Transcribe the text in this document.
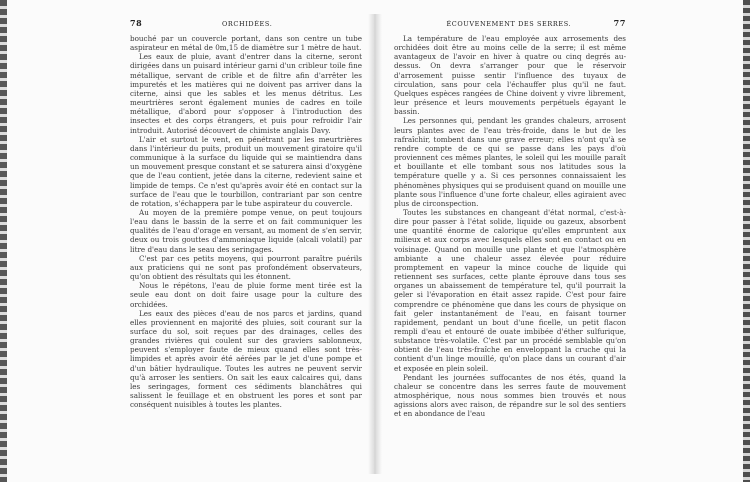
78	ORCHIDÉES.

bouché par un couvercle portant, dans son centre un tube aspirateur en métal de 0m,15 de diamètre sur 1 mètre de haut.

Les eaux de pluie, avant d'entrer dans la citerne, seront dirigées dans un puisard intérieur garni d'un cribleur toile fine métallique, servant de crible et de filtre afin d'arrêter les impuretés et les matières qui ne doivent pas arriver dans la citerne, ainsi que les sables et les menus détritus. Les meurtrières seront également munies de cadres en toile métallique, d'abord pour s'opposer à l'introduction des insectes et des corps étrangers, et puis pour refroidir l'air introduit. Autorisé découvert de chimiste anglais Davy.

L'air et surtout le vent, en pénétrant par les meurtrières dans l'intérieur du puits, produit un mouvement giratoire qu'il communique à la surface du liquide qui se maintiendra dans un mouvement presque constant et se saturera ainsi d'oxygène que de l'eau contient, jetée dans la citerne, redevient saine et limpide de temps. Ce n'est qu'après avoir été en contact sur la surface de l'eau que le tourbillon, contrariant par son centre de rotation, s'échappera par le tube aspirateur du couvercle.

Au moyen de la première pompe venue, on peut toujours l'eau dans le bassin de la serre et on fait communiquer les qualités de l'eau d'orage en versant, au moment de s'en servir, deux ou trois gouttes d'ammoniaque liquide (alcali volatil) par litre d'eau dans le seau des seringages.

C'est par ces petits moyens, qui pourront paraître puérils aux praticiens qui ne sont pas profondément observateurs, qu'on obtient des résultats qui les étonnent.

Nous le répétons, l'eau de pluie forme ment tirée est la seule eau dont on doit faire usage pour la culture des orchidées.

Les eaux des pièces d'eau de nos parcs et jardins, quand elles proviennent en majorité des pluies, soit courant sur la surface du sol, soit reçues par des drainages, celles des grandes rivières qui coulent sur des graviers sablonneux, peuvent s'employer faute de mieux quand elles sont très-limpides et après avoir été aérées par le jet d'une pompe et d'un bâtier hydraulique. Toutes les autres ne peuvent servir qu'à arroser les sentiers. On sait les eaux calcaires qui, dans les seringages, forment ces sédiments blanchâtres qui salissent le feuillage et en obstruent les pores et sont par conséquent nuisibles à toutes les plantes.

ÉCOUVENEMENT DES SERRES.	77

La température de l'eau employée aux arrosements des orchidées doit être au moins celle de la serre; il est même avantageux de l'avoir en hiver à quatre ou cinq degrés au-dessus. On devra s'arranger pour que le réservoir d'arrosement puisse sentir l'influence des tuyaux de circulation, sans pour cela l'échauffer plus qu'il ne faut. Quelques espèces rangées de Chine doivent y vivre librement, leur présence et leurs mouvements perpétuels égayant le bassin.

Les personnes qui, pendant les grandes chaleurs, arrosent leurs plantes avec de l'eau très-froide, dans le but de les rafraîchir, tombent dans une grave erreur; elles n'ont qu'à se rendre compte de ce qui se passe dans les pays d'où proviennent ces mêmes plantes, le soleil qui les mouille paraît et bouillante et elle tombant sous nos latitudes sous la température quelle y a. Si ces personnes connaissaient les phénomènes physiques qui se produisent quand on mouille une plante sous l'influence d'une forte chaleur, elles agiraient avec plus de circonspection.

Toutes les substances en changeant d'état normal, c'est-à-dire pour passer à l'état solide, liquide ou gazeux, absorbent une quantité énorme de calorique qu'elles empruntent aux milieux et aux corps avec lesquels elles sont en contact ou en voisinage. Quand on mouille une plante et que l'atmosphère ambiante a une chaleur assez élevée pour réduire promptement en vapeur la mince couche de liquide qui retiennent ses surfaces, cette plante éprouve dans tous ses organes un abaissement de température tel, qu'il pourrait la geler si l'évaporation en était assez rapide. C'est pour faire comprendre ce phénomène que dans les cours de physique on fait geler instantanément de l'eau, en faisant tourner rapidement, pendant un bout d'une ficelle, un petit flacon rempli d'eau et entouré de ouate imbibée d'éther sulfurique, substance très-volatile. C'est par un procédé semblable qu'on obtient de l'eau très-fraîche en enveloppant la cruche qui la contient d'un linge mouillé, qu'on place dans un courant d'air et exposée en plein soleil.

Pendant les journées suffocantes de nos étés, quand la chaleur se concentre dans les serres faute de mouvement atmosphérique, nous nous sommes bien trouvés et nous agissions alors avec raison, de répandre sur le sol des sentiers et en abondance de l'eau
